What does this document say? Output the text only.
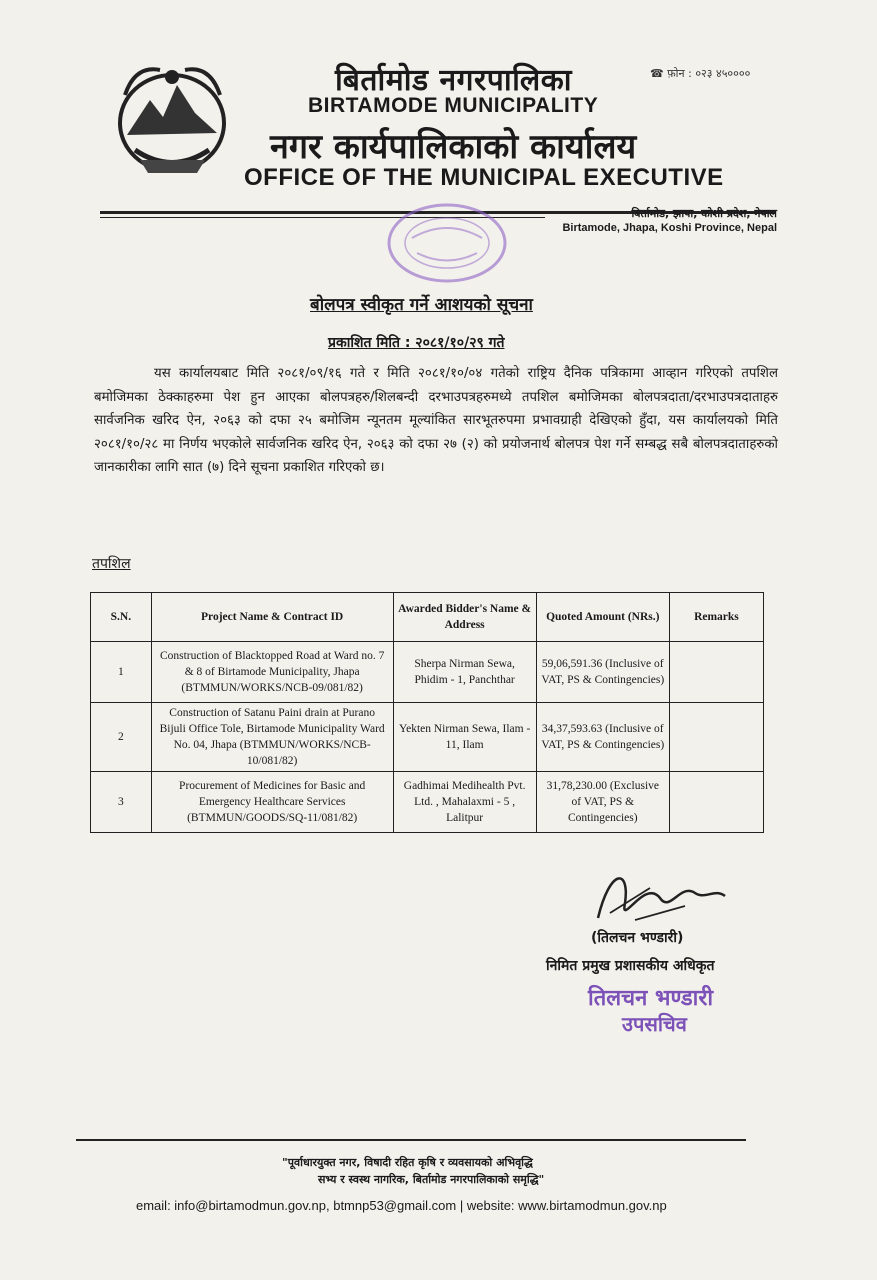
बिर्तामोड नगरपालिका
BIRTAMODE MUNICIPALITY
नगर कार्यपालिकाको कार्यालय
OFFICE OF THE MUNICIPAL EXECUTIVE
☎ फ़ोन : ०२३ ४५००००
बिर्तामोड, झापा, कोशी प्रदेश, नेपाल
Birtamode, Jhapa, Koshi Province, Nepal
बोलपत्र स्वीकृत गर्ने आशयको सूचना
प्रकाशित मिति : २०८१/१०/२९ गते

यस कार्यालयबाट मिति २०८१/०९/१६ गते र मिति २०८१/१०/०४ गतेको राष्ट्रिय दैनिक पत्रिकामा आव्हान गरिएको तपशिल बमोजिमका ठेक्काहरुमा पेश हुन आएका बोलपत्रहरु/शिलबन्दी दरभाउपत्रहरुमध्ये तपशिल बमोजिमका बोलपत्रदाता/दरभाउपत्रदाताहरु सार्वजनिक खरिद ऐन, २०६३ को दफा २५ बमोजिम न्यूनतम मूल्यांकित सारभूतरुपमा प्रभावग्राही देखिएको हुँदा, यस कार्यालयको मिति २०८१/१०/२८ मा निर्णय भएकोले सार्वजनिक खरिद ऐन, २०६३ को दफा २७ (२) को प्रयोजनार्थ बोलपत्र पेश गर्ने सम्बद्ध सबै बोलपत्रदाताहरुको जानकारीका लागि सात (७) दिने सूचना प्रकाशित गरिएको छ।

तपशिल
S.N.	Project Name & Contract ID	Awarded Bidder's Name & Address	Quoted Amount (NRs.)	Remarks
1	Construction of Blacktopped Road at Ward no. 7 & 8 of Birtamode Municipality, Jhapa (BTMMUN/WORKS/NCB-09/081/82)	Sherpa Nirman Sewa, Phidim - 1, Panchthar	59,06,591.36 (Inclusive of VAT, PS & Contingencies)	
2	Construction of Satanu Paini drain at Purano Bijuli Office Tole, Birtamode Municipality Ward No. 04, Jhapa (BTMMUN/WORKS/NCB-10/081/82)	Yekten Nirman Sewa, Ilam - 11, Ilam	34,37,593.63 (Inclusive of VAT, PS & Contingencies)	
3	Procurement of Medicines for Basic and Emergency Healthcare Services (BTMMUN/GOODS/SQ-11/081/82)	Gadhimai Medihealth Pvt. Ltd. , Mahalaxmi - 5 , Lalitpur	31,78,230.00 (Exclusive of VAT, PS & Contingencies)	
(तिलचन भण्डारी)
निमित प्रमुख प्रशासकीय अधिकृत
तिलचन भण्डारी
उपसचिव
"पूर्वाधारयुक्त नगर, विषादी रहित कृषि र व्यवसायको अभिवृद्धि
सभ्य र स्वस्थ नागरिक, बिर्तामोड नगरपालिकाको समृद्धि"
email: info@birtamodmun.gov.np, btmnp53@gmail.com | website: www.birtamodmun.gov.np
